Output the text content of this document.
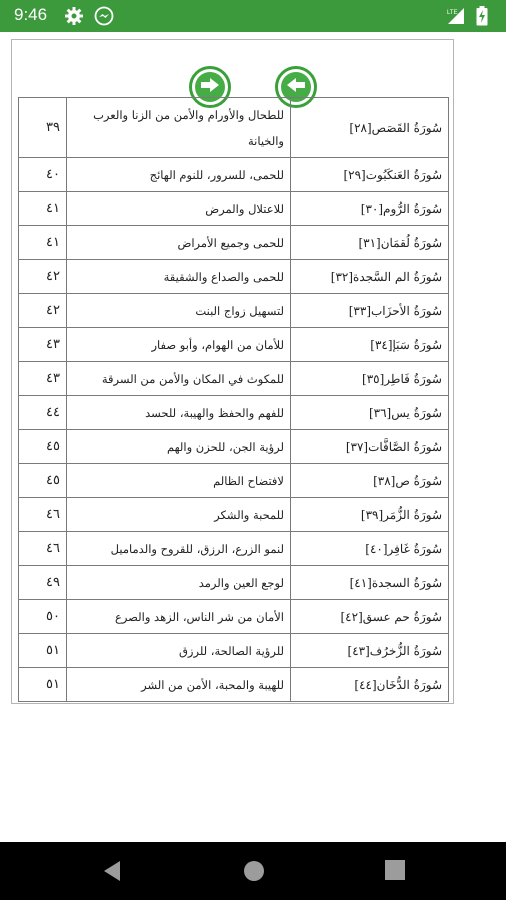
9:46	LTE
سُورَةُ القَصَص[٢٨]	للطحال والأورام والأمن من الزنا والعرب والخيانة	٣٩
سُورَةُ العَنكَبُوت[٢٩]	للحمى، للسرور، للنوم الهائج	٤٠
سُورَةُ الرُّوم[٣٠]	للاعتلال والمرض	٤١
سُورَةُ لُقمَان[٣١]	للحمى وجميع الأمراض	٤١
سُورَةُ الم السَّجدة[٣٢]	للحمى والصداع والشقيقة	٤٢
سُورَةُ الأحزَاب[٣٣]	لتسهيل زواج البنت	٤٢
سُورَةُ سَبَإ[٣٤]	للأمان من الهوام، وأبو صفار	٤٣
سُورَةُ فَاطِر[٣٥]	للمكوث في المكان والأمن من السرقة	٤٣
سُورَةُ يس[٣٦]	للفهم والحفظ والهيبة، للحسد	٤٤
سُورَةُ الصَّافَّات[٣٧]	لرؤية الجن، للحزن والهم	٤٥
سُورَةُ ص[٣٨]	لافتضاح الظالم	٤٥
سُورَةُ الزُّمَر[٣٩]	للمحبة والشكر	٤٦
سُورَةُ غَافِر[٤٠]	لنمو الزرع، الرزق، للقروح والدماميل	٤٦
سُورَةُ السجدة[٤١]	لوجع العين والرمد	٤٩
سُورَةُ حم عسق[٤٢]	الأمان من شر الناس، الزهد والصرع	٥٠
سُورَةُ الزُّخرُف[٤٣]	للرؤية الصالحة، للرزق	٥١
سُورَةُ الدُّخَان[٤٤]	للهيبة والمحبة، الأمن من الشر	٥١
